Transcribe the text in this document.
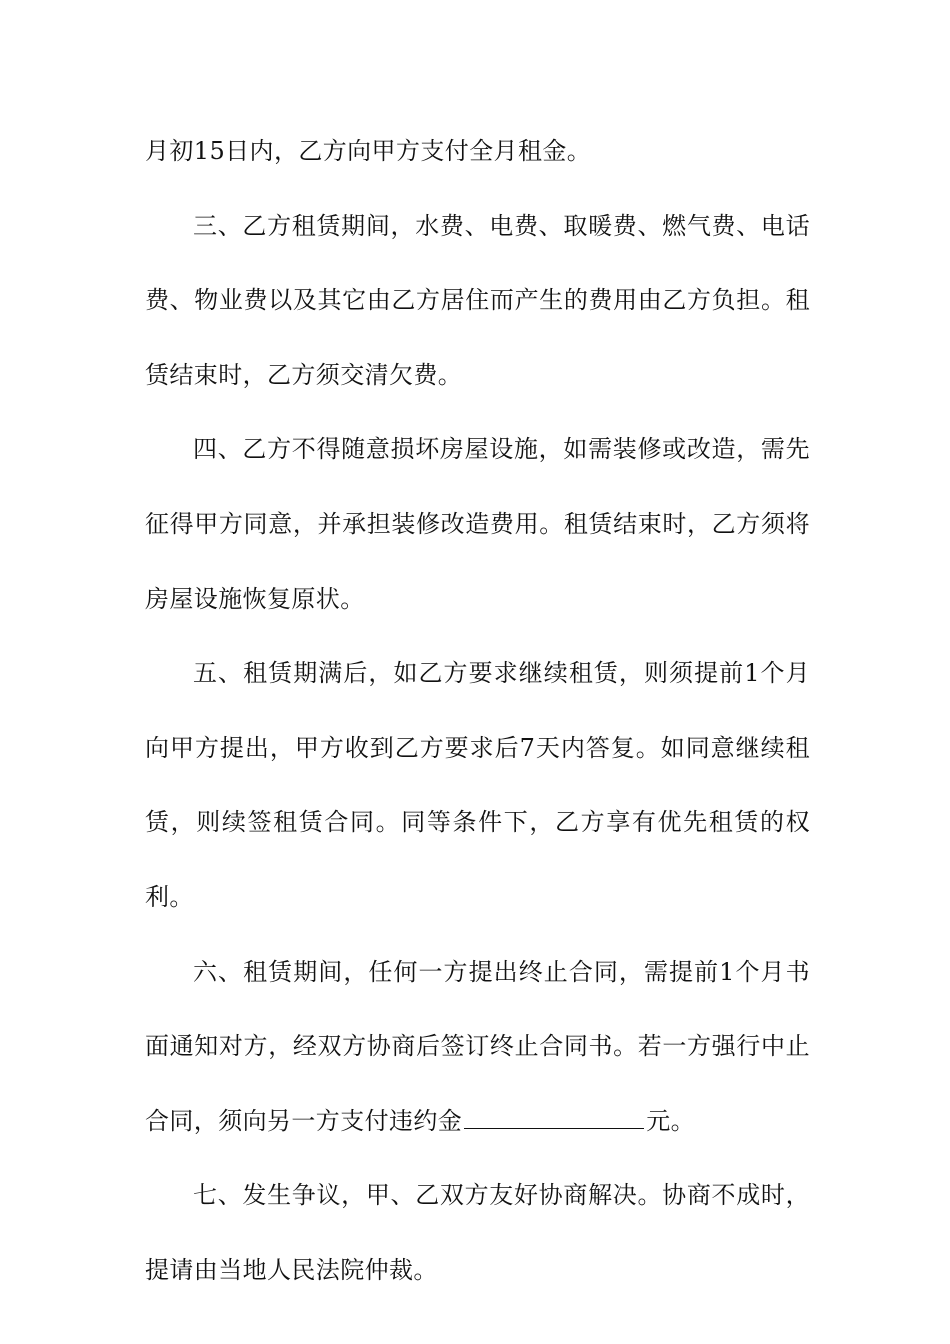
月初15日内，乙方向甲方支付全月租金。

三、乙方租赁期间，水费、电费、取暖费、燃气费、电话费、物业费以及其它由乙方居住而产生的费用由乙方负担。租赁结束时，乙方须交清欠费。

四、乙方不得随意损坏房屋设施，如需装修或改造，需先征得甲方同意，并承担装修改造费用。租赁结束时，乙方须将房屋设施恢复原状。

五、租赁期满后，如乙方要求继续租赁，则须提前1个月向甲方提出，甲方收到乙方要求后7天内答复。如同意继续租赁，则续签租赁合同。同等条件下，乙方享有优先租赁的权利。

六、租赁期间，任何一方提出终止合同，需提前1个月书面通知对方，经双方协商后签订终止合同书。若一方强行中止合同，须向另一方支付违约金	元。

七、发生争议，甲、乙双方友好协商解决。协商不成时，提请由当地人民法院仲裁。
